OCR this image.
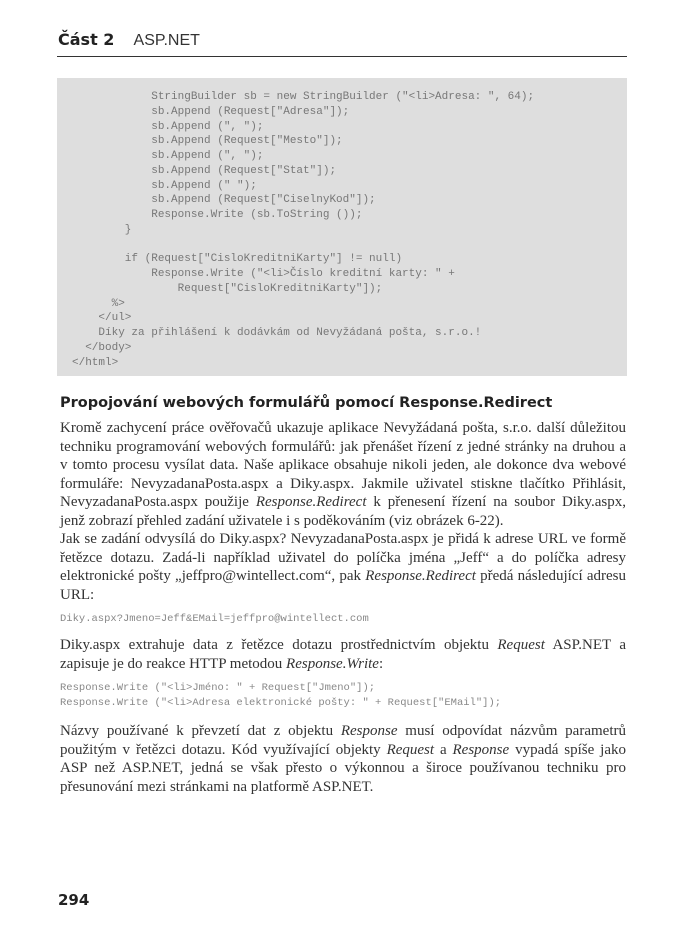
Část 2 ASP.NET
StringBuilder sb = new StringBuilder ("<li>Adresa: ", 64);
sb.Append (Request["Adresa"]);
sb.Append (", ");
sb.Append (Request["Mesto"]);
sb.Append (", ");
sb.Append (Request["Stat"]);
sb.Append (" ");
sb.Append (Request["CiselnyKod"]);
Response.Write (sb.ToString ());
}
if (Request["CisloKreditniKarty"] != null)
Response.Write ("<li>Číslo kreditní karty: " +
Request["CisloKreditniKarty"]);
%>
</ul>
Díky za přihlášení k dodávkám od Nevyžádaná pošta, s.r.o.!
</body>
</html>
Propojování webových formulářů pomocí Response.Redirect
Kromě zachycení práce ověřovačů ukazuje aplikace Nevyžádaná pošta, s.r.o. další důležitou techniku programování webových formulářů: jak přenášet řízení z jedné stránky na druhou a v tomto procesu vysílat data. Naše aplikace obsahuje nikoli jeden, ale dokonce dva webové formuláře: NevyzadanaPosta.aspx a Diky.aspx. Jakmile uživatel stiskne tlačítko Přihlásit, NevyzadanaPosta.aspx použije Response.Redirect k přenesení řízení na soubor Diky.aspx, jenž zobrazí přehled zadání uživatele i s poděkováním (viz obrázek 6-22).
Jak se zadání odvysílá do Diky.aspx? NevyzadanaPosta.aspx je přidá k adrese URL ve formě řetězce dotazu. Zadá-li například uživatel do políčka jména „Jeff“ a do políčka adresy elektronické pošty „jeffpro@wintellect.com“, pak Response.Redirect předá následující adresu URL:
Diky.aspx?Jmeno=Jeff&EMail=jeffpro@wintellect.com
Diky.aspx extrahuje data z řetězce dotazu prostřednictvím objektu Request ASP.NET a zapisuje je do reakce HTTP metodou Response.Write:
Response.Write ("<li>Jméno: " + Request["Jmeno"]);
Response.Write ("<li>Adresa elektronické pošty: " + Request["EMail"]);
Názvy používané k převzetí dat z objektu Response musí odpovídat názvům parametrů použitým v řetězci dotazu. Kód využívající objekty Request a Response vypadá spíše jako ASP než ASP.NET, jedná se však přesto o výkonnou a široce používanou techniku pro přesunování mezi stránkami na platformě ASP.NET.
294
